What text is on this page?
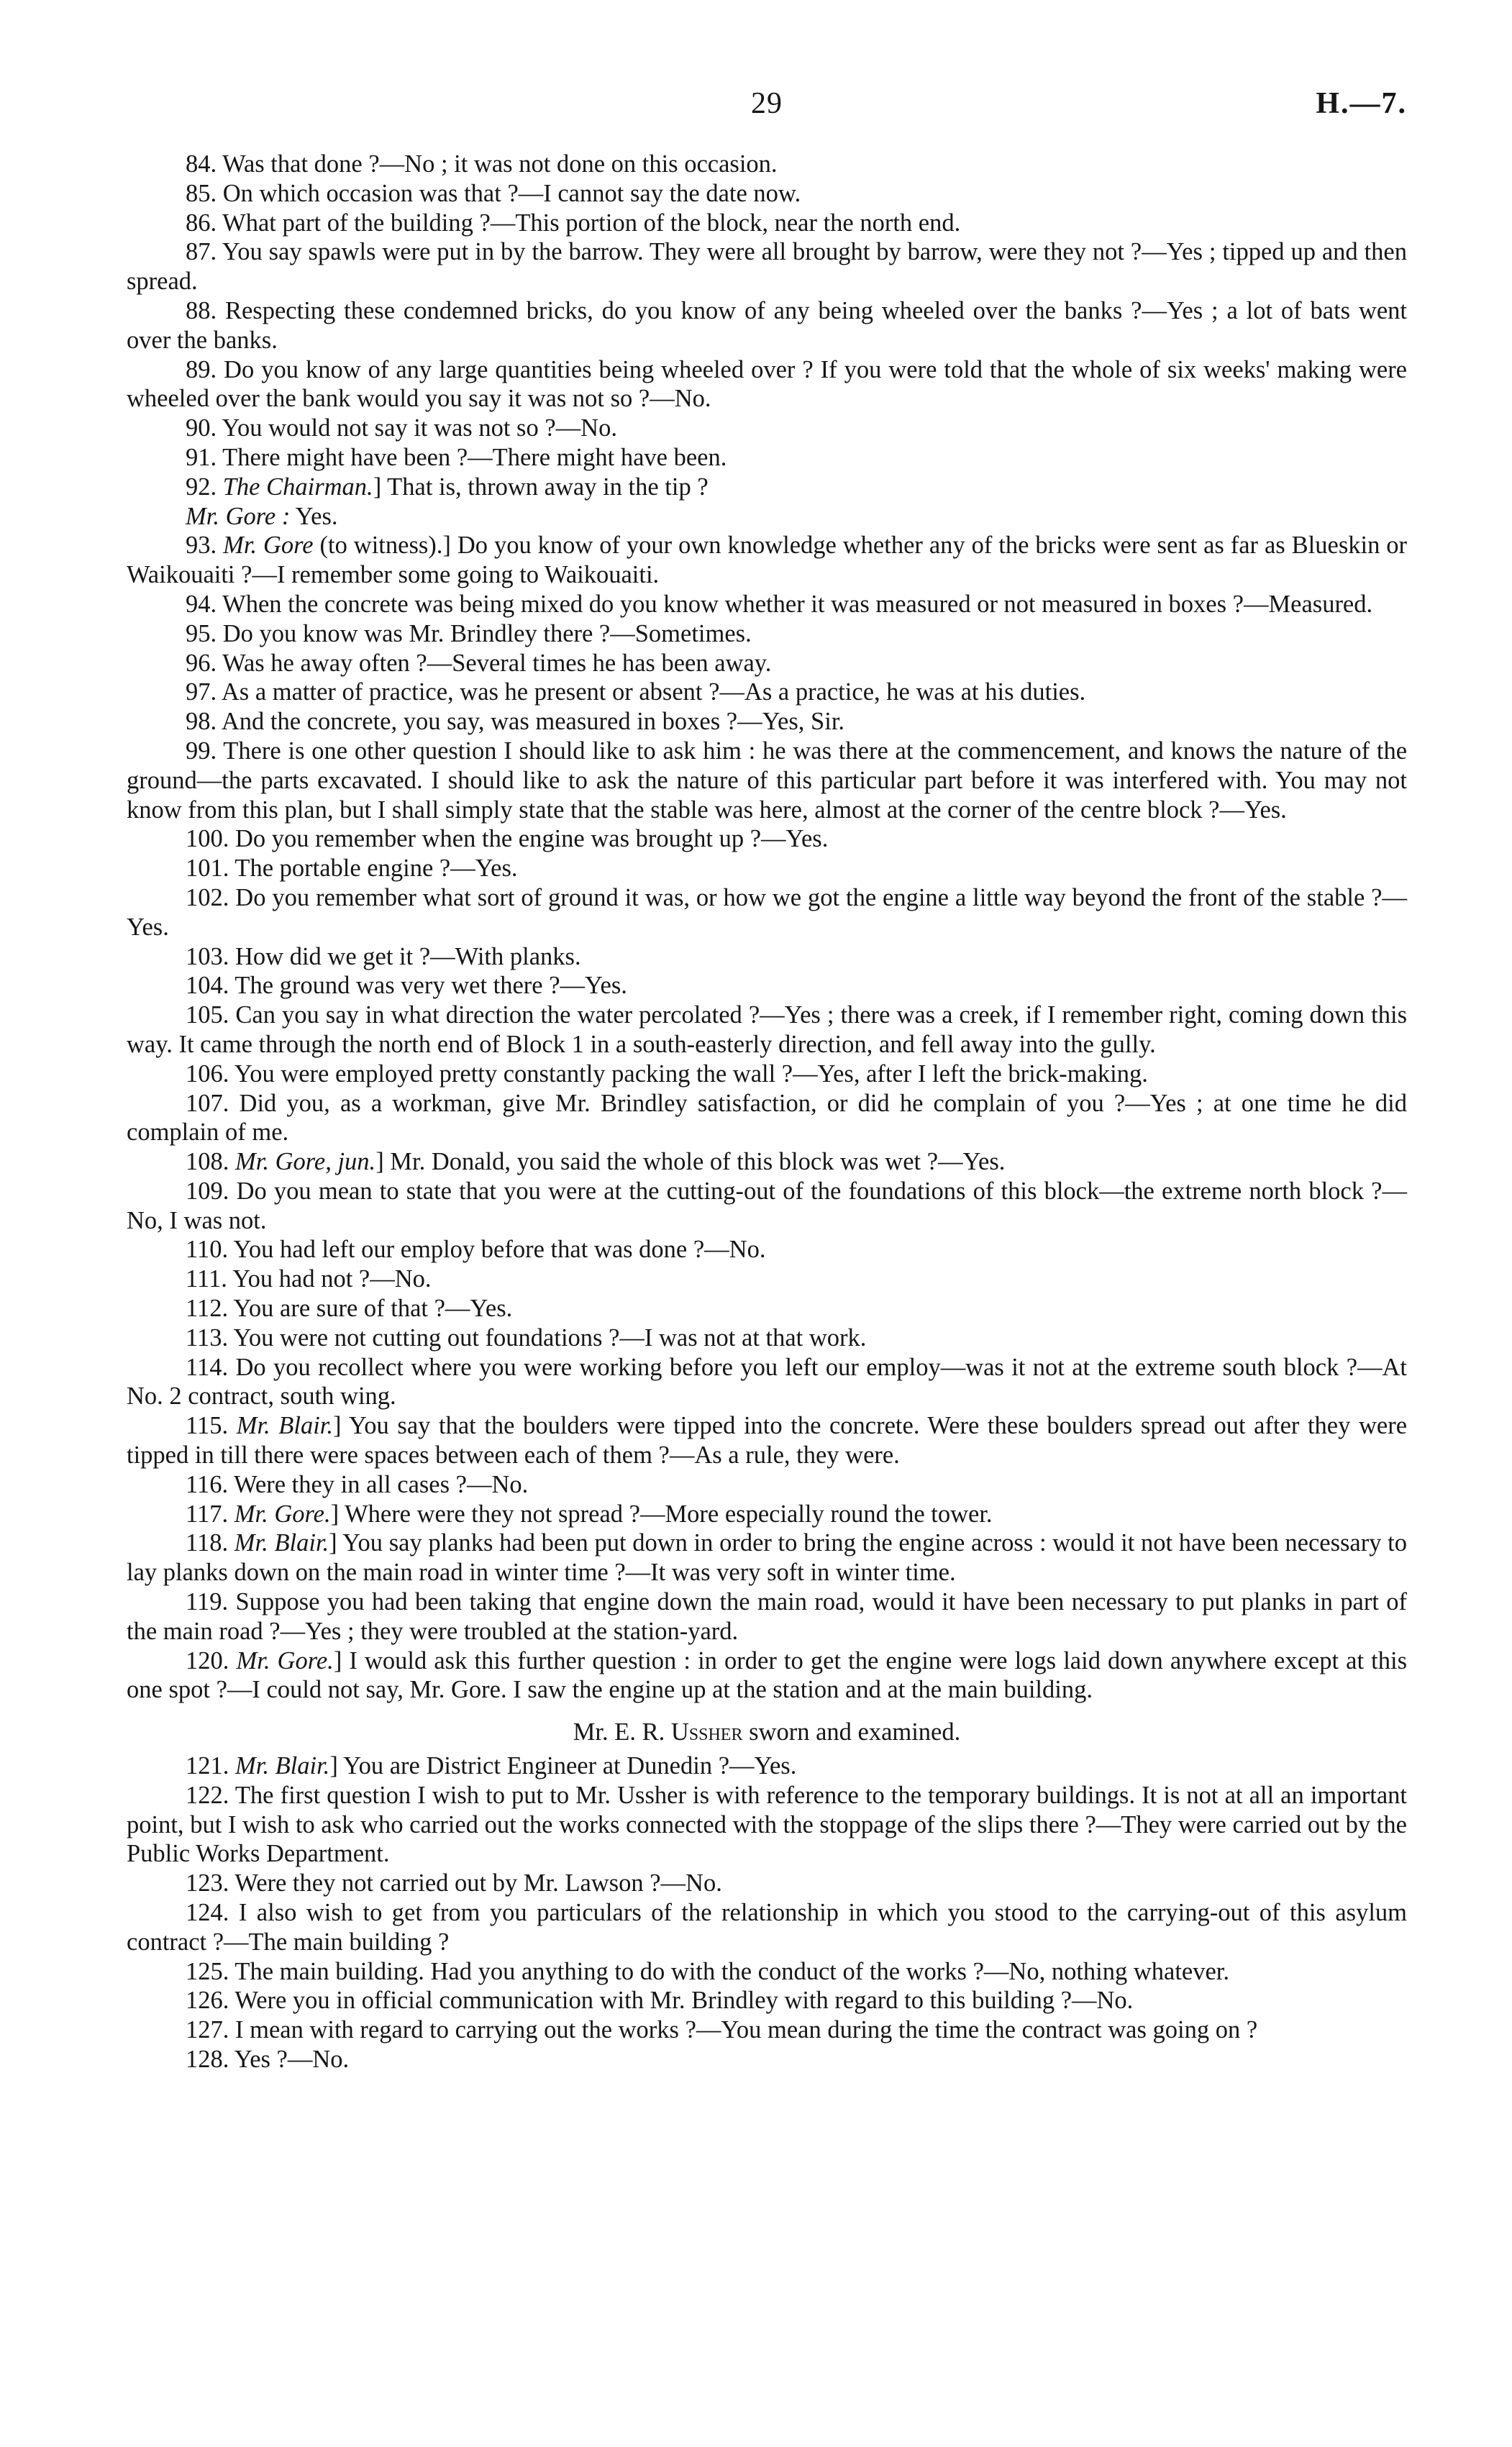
29	H.—7.

84. Was that done ?—No ; it was not done on this occasion.

85. On which occasion was that ?—I cannot say the date now.

86. What part of the building ?—This portion of the block, near the north end.

87. You say spawls were put in by the barrow. They were all brought by barrow, were they not ?—Yes ; tipped up and then spread.

88. Respecting these condemned bricks, do you know of any being wheeled over the banks ?—Yes ; a lot of bats went over the banks.

89. Do you know of any large quantities being wheeled over ? If you were told that the whole of six weeks' making were wheeled over the bank would you say it was not so ?—No.

90. You would not say it was not so ?—No.

91. There might have been ?—There might have been.

92. The Chairman.] That is, thrown away in the tip ?

Mr. Gore : Yes.

93. Mr. Gore (to witness).] Do you know of your own knowledge whether any of the bricks were sent as far as Blueskin or Waikouaiti ?—I remember some going to Waikouaiti.

94. When the concrete was being mixed do you know whether it was measured or not measured in boxes ?—Measured.

95. Do you know was Mr. Brindley there ?—Sometimes.

96. Was he away often ?—Several times he has been away.

97. As a matter of practice, was he present or absent ?—As a practice, he was at his duties.

98. And the concrete, you say, was measured in boxes ?—Yes, Sir.

99. There is one other question I should like to ask him : he was there at the commencement, and knows the nature of the ground—the parts excavated. I should like to ask the nature of this particular part before it was interfered with. You may not know from this plan, but I shall simply state that the stable was here, almost at the corner of the centre block ?—Yes.

100. Do you remember when the engine was brought up ?—Yes.

101. The portable engine ?—Yes.

102. Do you remember what sort of ground it was, or how we got the engine a little way beyond the front of the stable ?—Yes.

103. How did we get it ?—With planks.

104. The ground was very wet there ?—Yes.

105. Can you say in what direction the water percolated ?—Yes ; there was a creek, if I remember right, coming down this way. It came through the north end of Block 1 in a south-easterly direction, and fell away into the gully.

106. You were employed pretty constantly packing the wall ?—Yes, after I left the brick-making.

107. Did you, as a workman, give Mr. Brindley satisfaction, or did he complain of you ?—Yes ; at one time he did complain of me.

108. Mr. Gore, jun.] Mr. Donald, you said the whole of this block was wet ?—Yes.

109. Do you mean to state that you were at the cutting-out of the foundations of this block—the extreme north block ?—No, I was not.

110. You had left our employ before that was done ?—No.

111. You had not ?—No.

112. You are sure of that ?—Yes.

113. You were not cutting out foundations ?—I was not at that work.

114. Do you recollect where you were working before you left our employ—was it not at the extreme south block ?—At No. 2 contract, south wing.

115. Mr. Blair.] You say that the boulders were tipped into the concrete. Were these boulders spread out after they were tipped in till there were spaces between each of them ?—As a rule, they were.

116. Were they in all cases ?—No.

117. Mr. Gore.] Where were they not spread ?—More especially round the tower.

118. Mr. Blair.] You say planks had been put down in order to bring the engine across : would it not have been necessary to lay planks down on the main road in winter time ?—It was very soft in winter time.

119. Suppose you had been taking that engine down the main road, would it have been necessary to put planks in part of the main road ?—Yes ; they were troubled at the station-yard.

120. Mr. Gore.] I would ask this further question : in order to get the engine were logs laid down anywhere except at this one spot ?—I could not say, Mr. Gore. I saw the engine up at the station and at the main building.

Mr. E. R. Ussher sworn and examined.

121. Mr. Blair.] You are District Engineer at Dunedin ?—Yes.

122. The first question I wish to put to Mr. Ussher is with reference to the temporary buildings. It is not at all an important point, but I wish to ask who carried out the works connected with the stoppage of the slips there ?—They were carried out by the Public Works Department.

123. Were they not carried out by Mr. Lawson ?—No.

124. I also wish to get from you particulars of the relationship in which you stood to the carrying-out of this asylum contract ?—The main building ?

125. The main building. Had you anything to do with the conduct of the works ?—No, nothing whatever.

126. Were you in official communication with Mr. Brindley with regard to this building ?—No.

127. I mean with regard to carrying out the works ?—You mean during the time the contract was going on ?

128. Yes ?—No.
